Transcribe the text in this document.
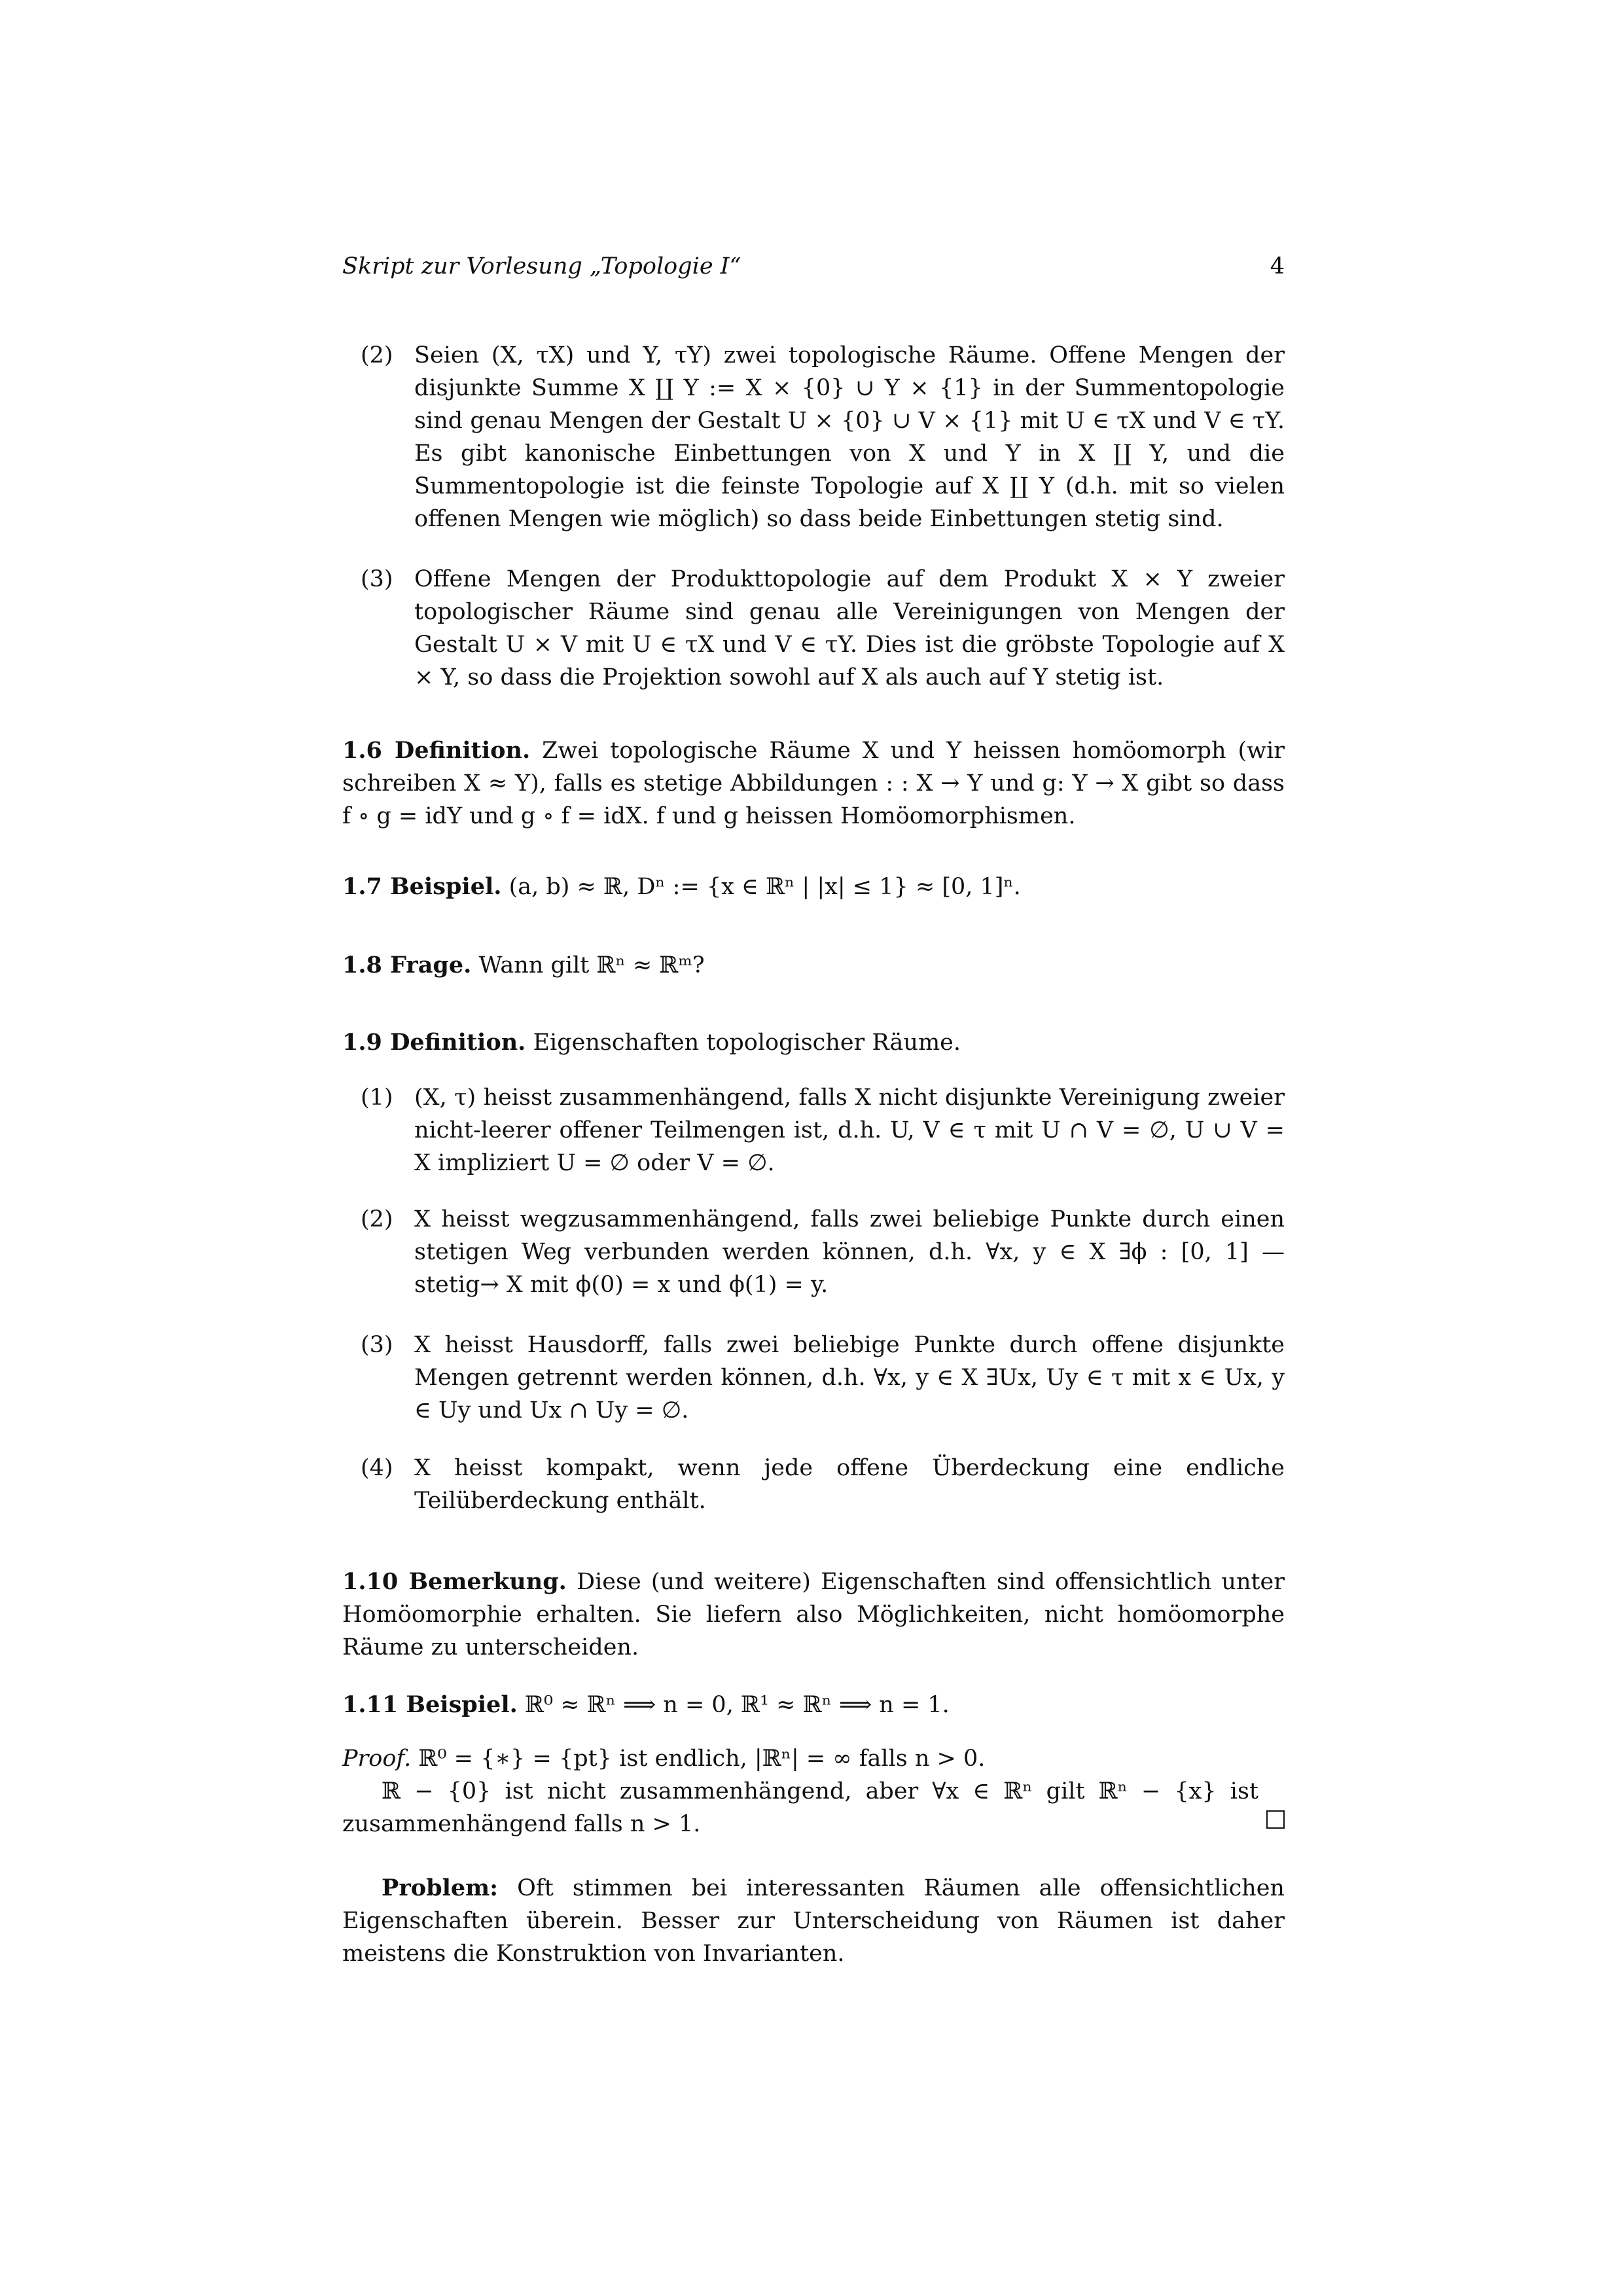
Skript zur Vorlesung „Topologie I“	4
(2) Seien (X, τX) und Y, τY) zwei topologische Räume. Offene Mengen der disjunkte Summe X ∐ Y := X × {0} ∪ Y × {1} in der Summentopologie sind genau Mengen der Gestalt U × {0} ∪ V × {1} mit U ∈ τX und V ∈ τY. Es gibt kanonische Einbettungen von X und Y in X ∐ Y, und die Summentopologie ist die feinste Topologie auf X ∐ Y (d.h. mit so vielen offenen Mengen wie möglich) so dass beide Einbettungen stetig sind.

(3) Offene Mengen der Produkttopologie auf dem Produkt X × Y zweier topologischer Räume sind genau alle Vereinigungen von Mengen der Gestalt U × V mit U ∈ τX und V ∈ τY. Dies ist die gröbste Topologie auf X × Y, so dass die Projektion sowohl auf X als auch auf Y stetig ist.

1.6 Definition. Zwei topologische Räume X und Y heissen homöomorph (wir schreiben X ≈ Y), falls es stetige Abbildungen : : X → Y und g: Y → X gibt so dass f ∘ g = idY und g ∘ f = idX. f und g heissen Homöomorphismen.

1.7 Beispiel. (a, b) ≈ ℝ, Dⁿ := {x ∈ ℝⁿ | |x| ≤ 1} ≈ [0, 1]ⁿ.

1.8 Frage. Wann gilt ℝⁿ ≈ ℝᵐ?

1.9 Definition. Eigenschaften topologischer Räume.

(1) (X, τ) heisst zusammenhängend, falls X nicht disjunkte Vereinigung zweier nicht-leerer offener Teilmengen ist, d.h. U, V ∈ τ mit U ∩ V = ∅, U ∪ V = X impliziert U = ∅ oder V = ∅.

(2) X heisst wegzusammenhängend, falls zwei beliebige Punkte durch einen stetigen Weg verbunden werden können, d.h. ∀x, y ∈ X ∃ϕ : [0, 1] —stetig→ X mit ϕ(0) = x und ϕ(1) = y.

(3) X heisst Hausdorff, falls zwei beliebige Punkte durch offene disjunkte Mengen getrennt werden können, d.h. ∀x, y ∈ X ∃Ux, Uy ∈ τ mit x ∈ Ux, y ∈ Uy und Ux ∩ Uy = ∅.

(4) X heisst kompakt, wenn jede offene Überdeckung eine endliche Teilüberdeckung enthält.

1.10 Bemerkung. Diese (und weitere) Eigenschaften sind offensichtlich unter Homöomorphie erhalten. Sie liefern also Möglichkeiten, nicht homöomorphe Räume zu unterscheiden.

1.11 Beispiel. ℝ⁰ ≈ ℝⁿ ⟹ n = 0, ℝ¹ ≈ ℝⁿ ⟹ n = 1.

Proof. ℝ⁰ = {∗} = {pt} ist endlich, |ℝⁿ| = ∞ falls n > 0.

ℝ − {0} ist nicht zusammenhängend, aber ∀x ∈ ℝⁿ gilt ℝⁿ − {x} ist zusammenhängend falls n > 1.

Problem: Oft stimmen bei interessanten Räumen alle offensichtlichen Eigenschaften überein. Besser zur Unterscheidung von Räumen ist daher meistens die Konstruktion von Invarianten.
